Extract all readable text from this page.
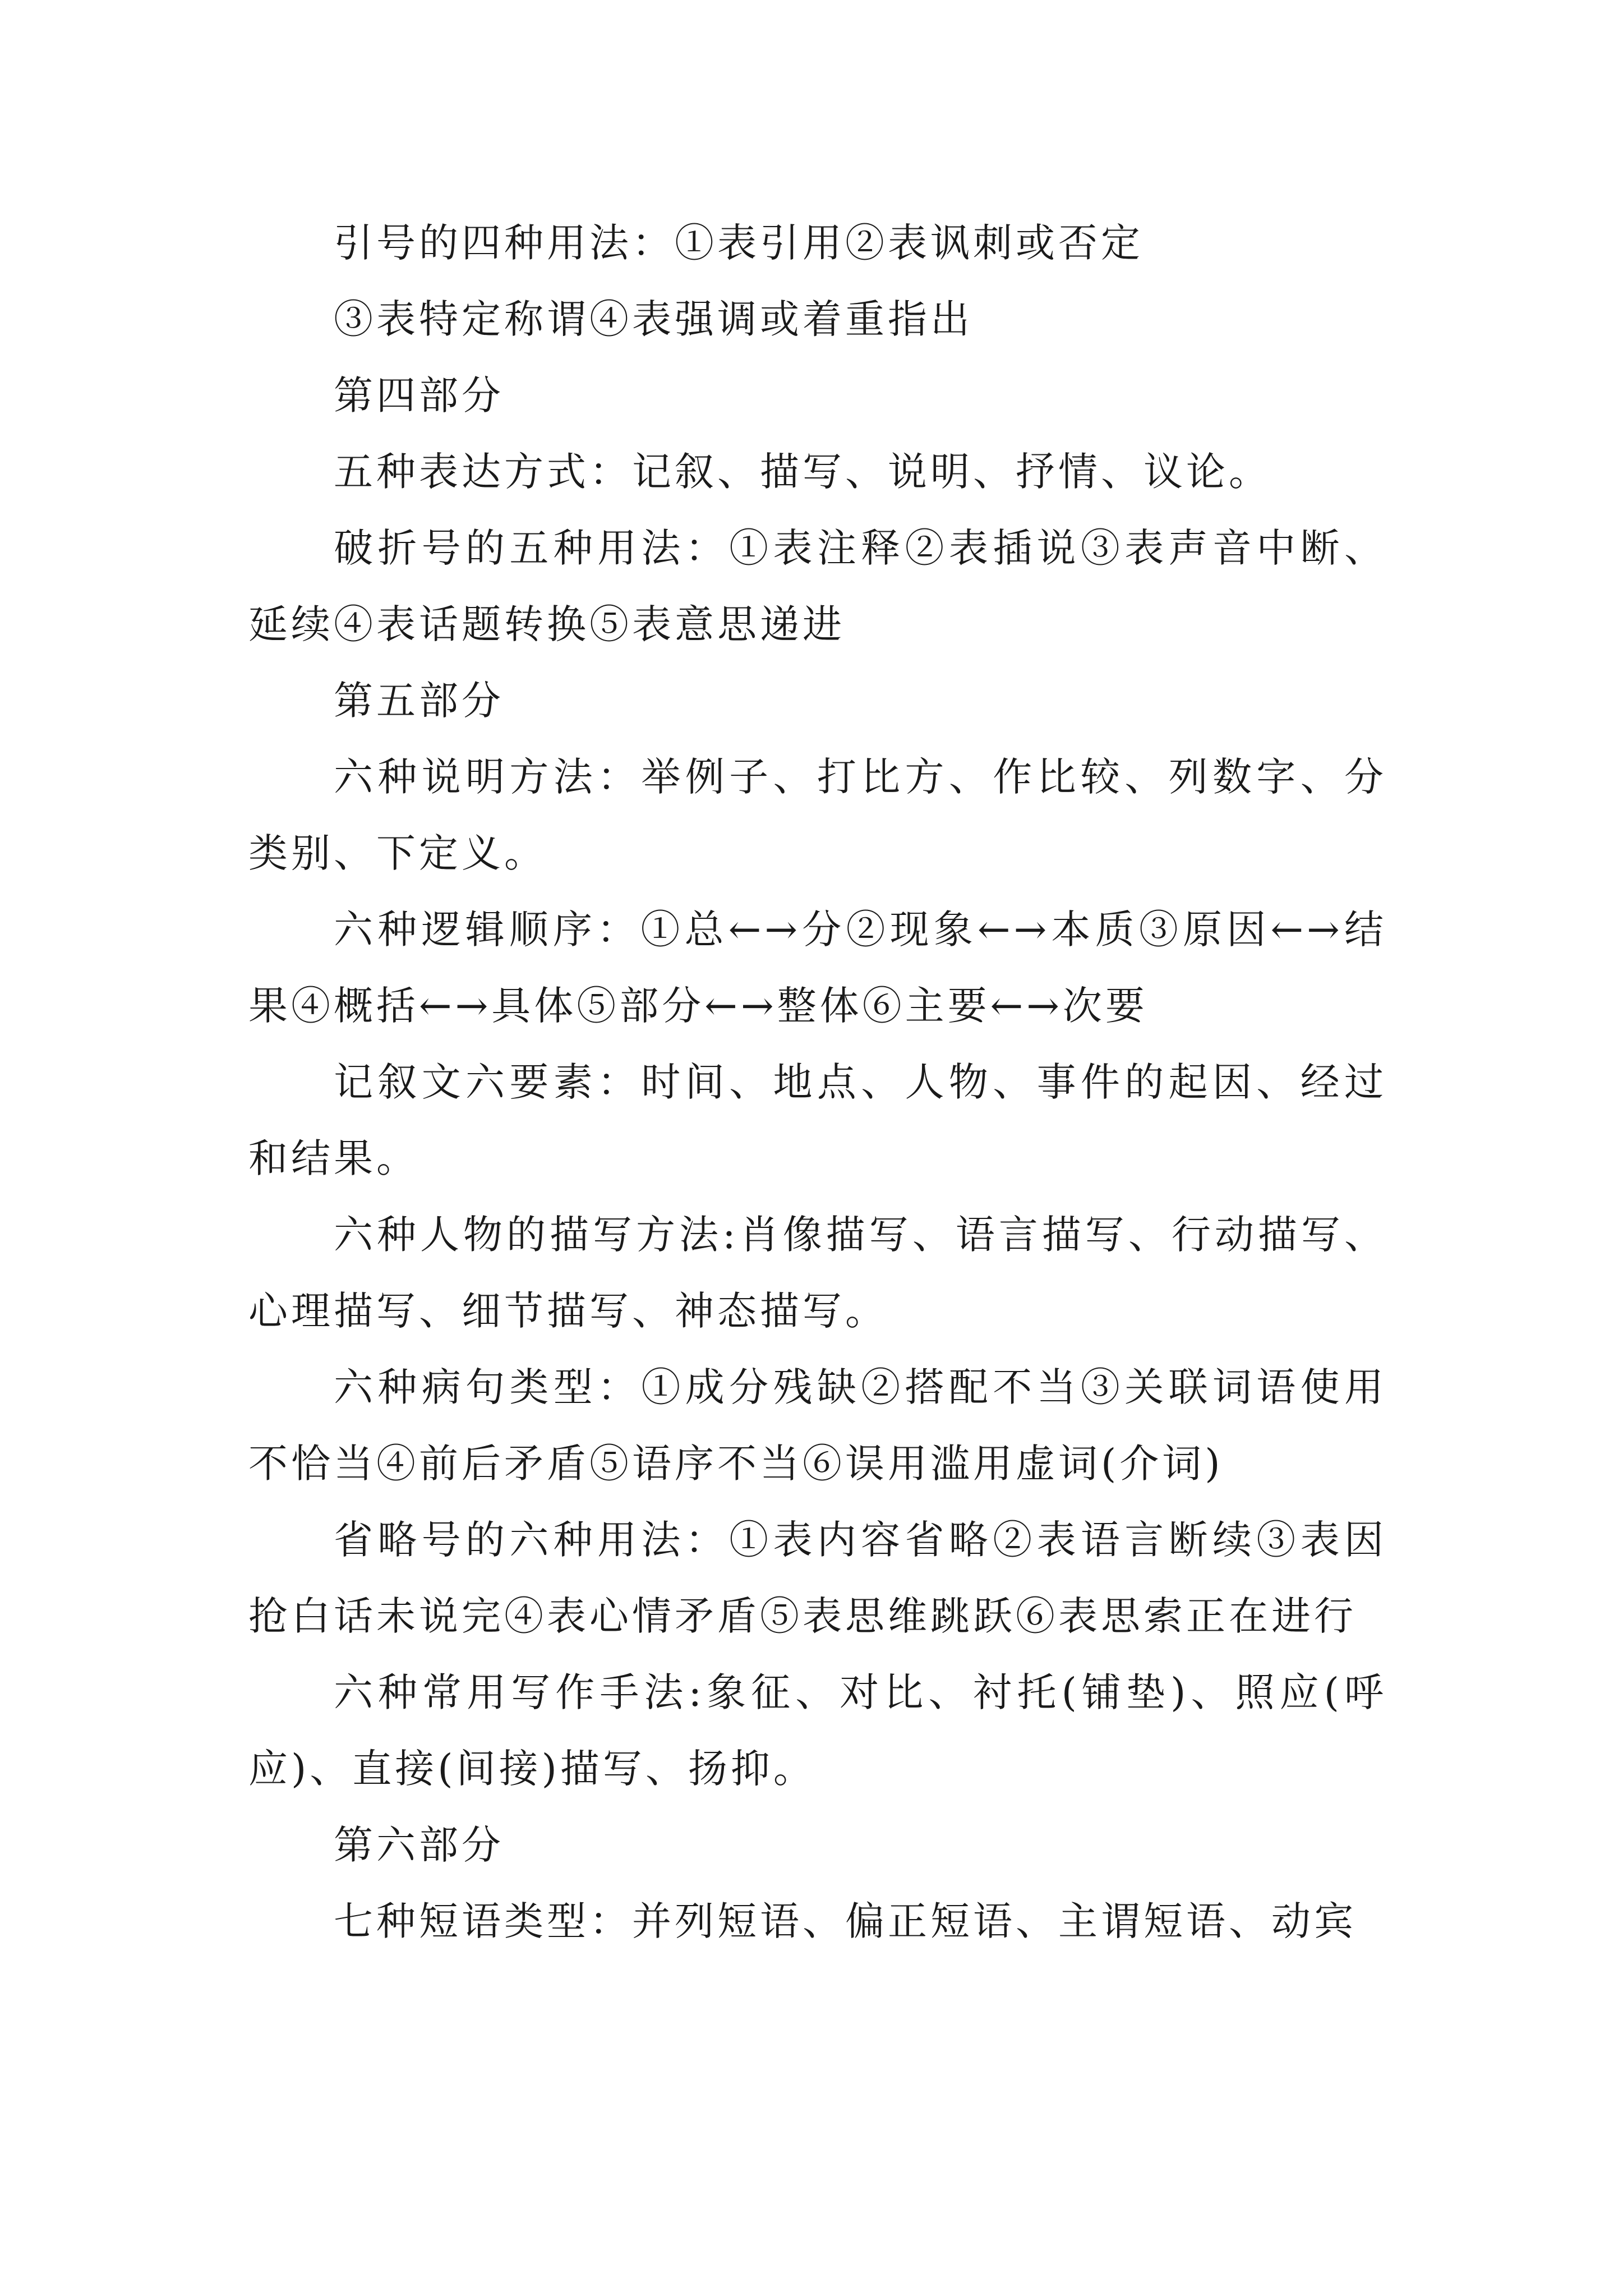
引号的四种用法：①表引用②表讽刺或否定

③表特定称谓④表强调或着重指出

第四部分

五种表达方式：记叙、描写、说明、抒情、议论。

破折号的五种用法：①表注释②表插说③表声音中断、延续④表话题转换⑤表意思递进

第五部分

六种说明方法：举例子、打比方、作比较、列数字、分类别、下定义。

六种逻辑顺序：①总←→分②现象←→本质③原因←→结果④概括←→具体⑤部分←→整体⑥主要←→次要

记叙文六要素：时间、地点、人物、事件的起因、经过和结果。

六种人物的描写方法:肖像描写、语言描写、行动描写、心理描写、细节描写、神态描写。

六种病句类型：①成分残缺②搭配不当③关联词语使用不恰当④前后矛盾⑤语序不当⑥误用滥用虚词(介词)

省略号的六种用法：①表内容省略②表语言断续③表因抢白话未说完④表心情矛盾⑤表思维跳跃⑥表思索正在进行

六种常用写作手法:象征、对比、衬托(铺垫)、照应(呼应)、直接(间接)描写、扬抑。

第六部分

七种短语类型：并列短语、偏正短语、主谓短语、动宾
